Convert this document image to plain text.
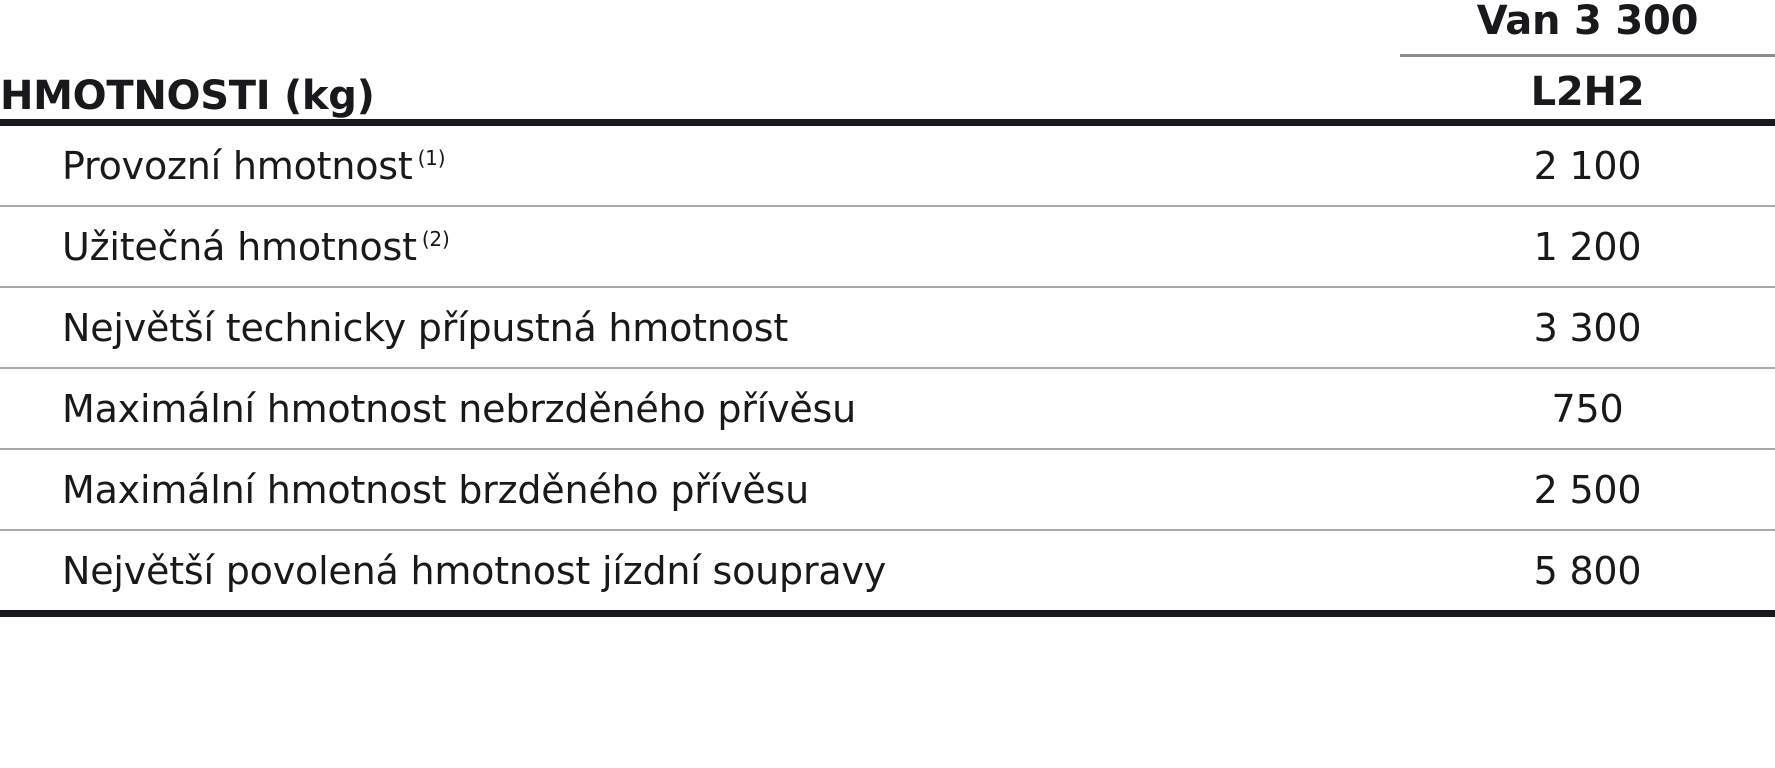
HMOTNOSTI (kg)	Van 3 300
L2H2

Provozní hmotnost $^{(1)}$	2 100
Užitečná hmotnost $^{(2)}$	1 200
Největší technicky přípustná hmotnost	3 300
Maximální hmotnost nebrzděného přívěsu	750
Maximální hmotnost brzděného přívěsu	2 500
Největší povolená hmotnost jízdní soupravy	5 800
